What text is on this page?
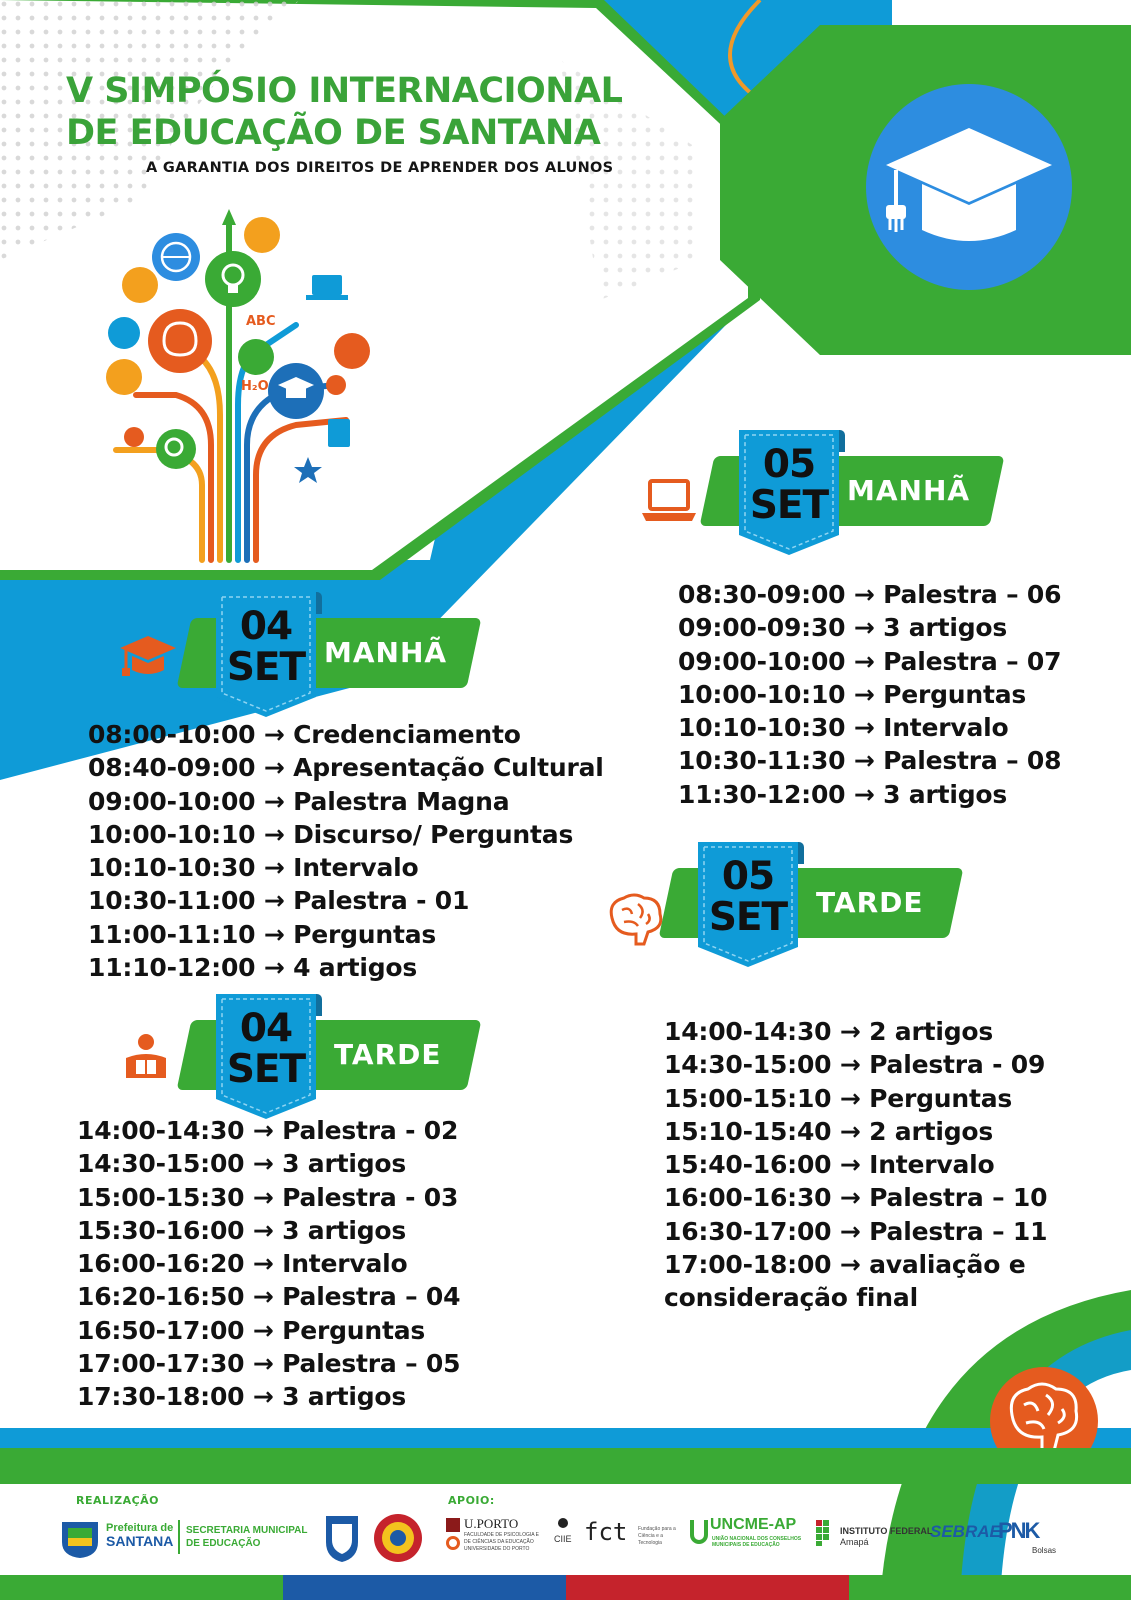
V SIMPÓSIO INTERNACIONAL
DE EDUCAÇÃO DE SANTANA
A GARANTIA DOS DIREITOS DE APRENDER DOS ALUNOS
ABC
H₂O
04
SET MANHÃ
08:00-10:00 → Credenciamento
08:40-09:00 → Apresentação Cultural
09:00-10:00 → Palestra Magna
10:00-10:10 → Discurso/ Perguntas
10:10-10:30 → Intervalo
10:30-11:00 → Palestra - 01
11:00-11:10 → Perguntas
11:10-12:00 → 4 artigos
04
SET	TARDE
14:00-14:30 → Palestra - 02
14:30-15:00 → 3 artigos
15:00-15:30 → Palestra - 03
15:30-16:00 → 3 artigos
16:00-16:20 → Intervalo
16:20-16:50 → Palestra – 04
16:50-17:00 → Perguntas
17:00-17:30 → Palestra – 05
17:30-18:00 → 3 artigos
05
SET MANHÃ
08:30-09:00 → Palestra – 06
09:00-09:30 → 3 artigos
09:00-10:00 → Palestra – 07
10:00-10:10 → Perguntas
10:10-10:30 → Intervalo
10:30-11:30 → Palestra – 08
11:30-12:00 → 3 artigos
05
SET	TARDE
14:00-14:30 → 2 artigos
14:30-15:00 → Palestra - 09
15:00-15:10 → Perguntas
15:10-15:40 → 2 artigos
15:40-16:00 → Intervalo
16:00-16:30 → Palestra – 10
16:30-17:00 → Palestra – 11
17:00-18:00 → avaliação e
consideração final
REALIZAÇÃO	APOIO:
Prefeitura de
SANTANA
SECRETARIA MUNICIPAL
DE EDUCAÇÃO
U.PORTO
FACULDADE DE PSICOLOGIA E DE CIÊNCIAS DA EDUCAÇÃO UNIVERSIDADE DO PORTO
CIIE fct Fundação para a Ciência e a Tecnologia
UNCME-AP
UNIÃO NACIONAL DOS CONSELHOS MUNICIPAIS DE EDUCAÇÃO
INSTITUTO FEDERAL
Amapá
SEBRAE
PNK
Bolsas
